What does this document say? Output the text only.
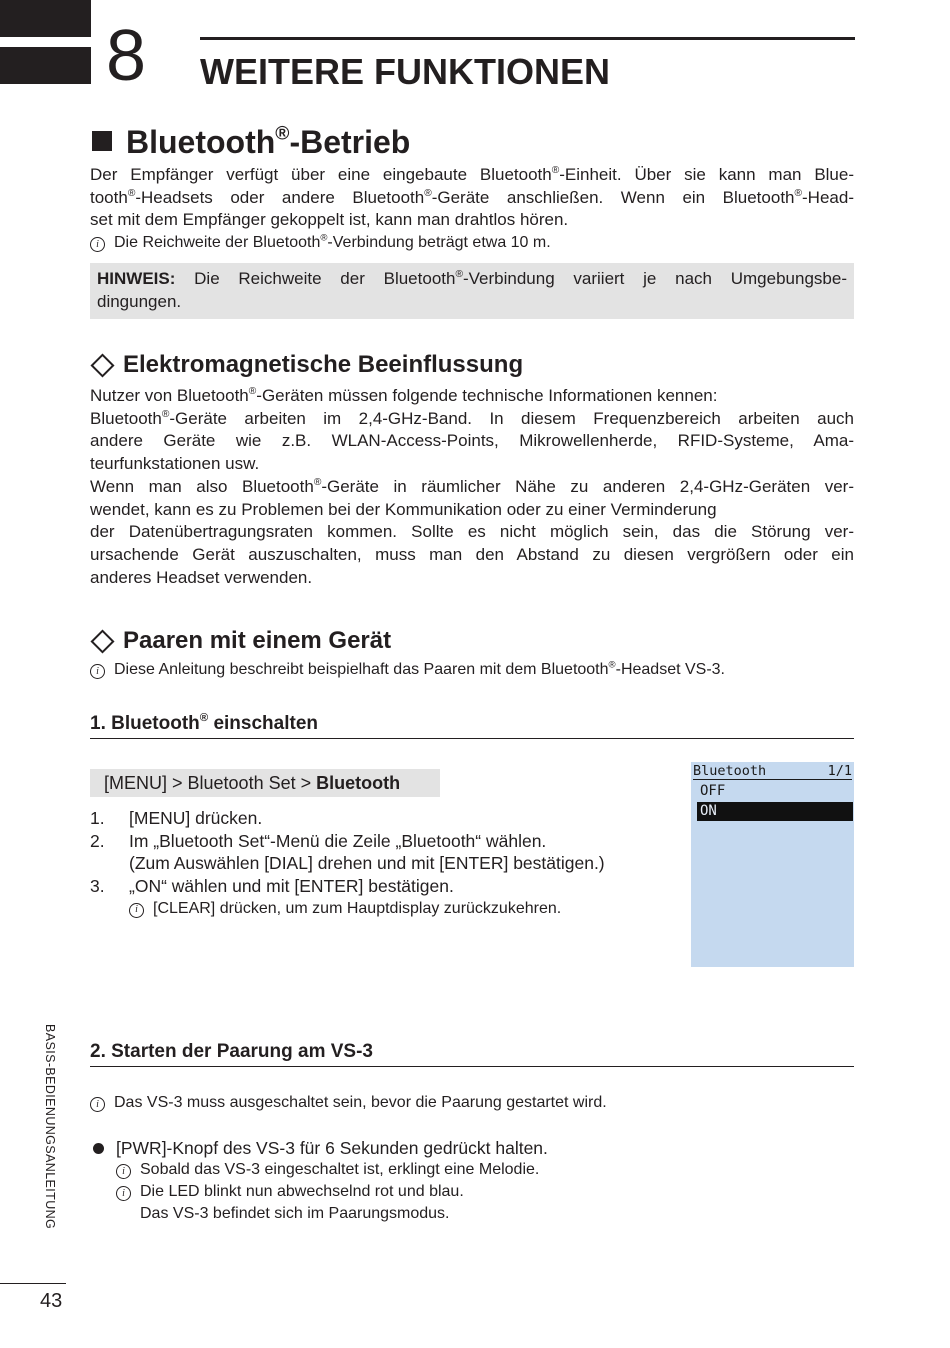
8 WEITERE FUNKTIONEN
Bluetooth®-Betrieb
Der Empfänger verfügt über eine eingebaute Bluetooth®-Einheit. Über sie kann man Blue-
tooth®-Headsets oder andere Bluetooth®-Geräte anschließen. Wenn ein Bluetooth®-Head-
set mit dem Empfänger gekoppelt ist, kann man drahtlos hören.
i Die Reichweite der Bluetooth®-Verbindung beträgt etwa 10 m.
HINWEIS: Die Reichweite der Bluetooth®-Verbindung variiert je nach Umgebungsbe-
dingungen.
Elektromagnetische Beeinflussung
Nutzer von Bluetooth®-Geräten müssen folgende technische Informationen kennen:
Bluetooth®-Geräte arbeiten im 2,4-GHz-Band. In diesem Frequenzbereich arbeiten auch
andere Geräte wie z.B. WLAN-Access-Points, Mikrowellenherde, RFID-Systeme, Ama-
teurfunkstationen usw.
Wenn man also Bluetooth®-Geräte in räumlicher Nähe zu anderen 2,4-GHz-Geräten ver-
wendet, kann es zu Problemen bei der Kommunikation oder zu einer Verminderung
der Datenübertragungsraten kommen. Sollte es nicht möglich sein, das die Störung ver-
ursachende Gerät auszuschalten, muss man den Abstand zu diesen vergrößern oder ein
anderes Headset verwenden.
Paaren mit einem Gerät
i Diese Anleitung beschreibt beispielhaft das Paaren mit dem Bluetooth®-Headset VS-3.
1. Bluetooth® einschalten
[MENU] > Bluetooth Set > Bluetooth
1.	[MENU] drücken.
2.	Im „Bluetooth Set“-Menü die Zeile „Bluetooth“ wählen.
(Zum Auswählen [DIAL] drehen und mit [ENTER] bestätigen.)
3.	„ON“ wählen und mit [ENTER] bestätigen.
i [CLEAR] drücken, um zum Hauptdisplay zurückzukehren.
Bluetooth	1/1
OFF
ON
2. Starten der Paarung am VS-3
i Das VS-3 muss ausgeschaltet sein, bevor die Paarung gestartet wird.
[PWR]-Knopf des VS-3 für 6 Sekunden gedrückt halten.
i Sobald das VS-3 eingeschaltet ist, erklingt eine Melodie.
i Die LED blinkt nun abwechselnd rot und blau.
Das VS-3 befindet sich im Paarungsmodus.
BASIS-BEDIENUNGSANLEITUNG
43
